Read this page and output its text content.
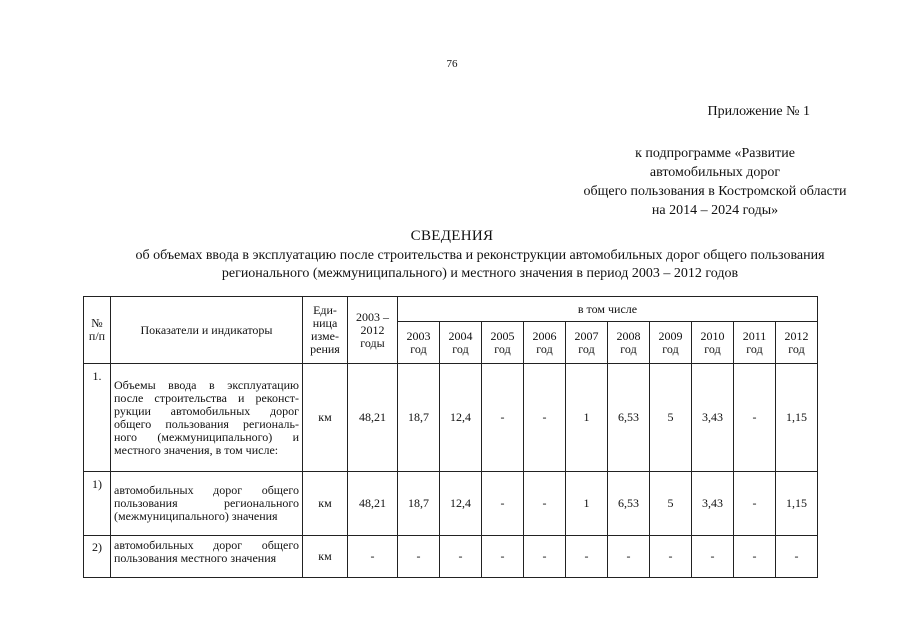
76
Приложение № 1
к подпрограмме «Развитие
автомобильных дорог
общего пользования в Костромской области
на 2014 – 2024 годы»
СВЕДЕНИЯ
об объемах ввода в эксплуатацию после строительства и реконструкции автомобильных дорог общего пользования
регионального (межмуниципального) и местного значения в период 2003 – 2012 годов
№ п/п	Показатели и индикаторы	Еди-ница изме-рения	2003 – 2012 годы	в том числе									
				2003 год	2004 год	2005 год	2006 год	2007 год	2008 год	2009 год	2010 год	2011 год	2012 год
1.	Объемы ввода в эксплуатацию после строительства и реконст-рукции автомобильных дорог общего пользования региональ-ного (межмуниципального) и местного значения, в том числе:	км	48,21	18,7	12,4	-	-	1	6,53	5	3,43	-	1,15
1)	автомобильных дорог общего пользования регионального (межмуниципального) значения	км	48,21	18,7	12,4	-	-	1	6,53	5	3,43	-	1,15
2)	автомобильных дорог общего пользования местного значения	км	-	-	-	-	-	-	-	-	-	-	-
